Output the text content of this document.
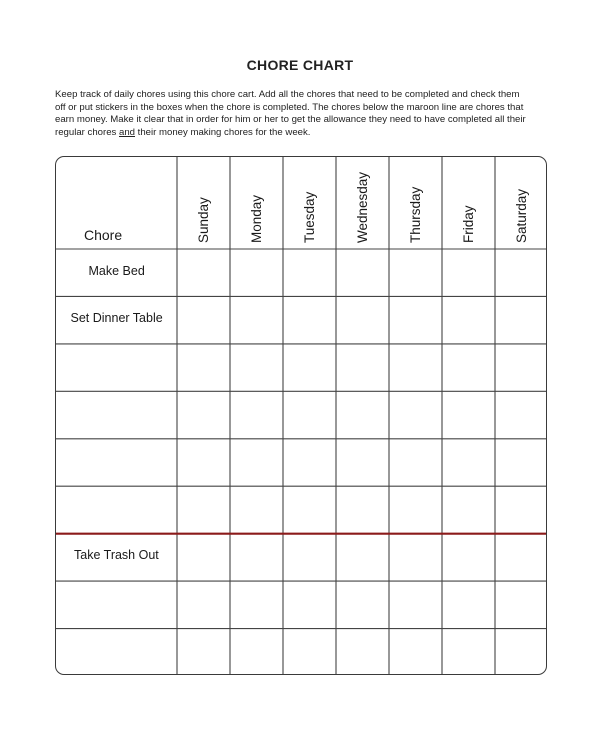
CHORE CHART

Keep track of daily chores using this chore cart. Add all the chores that need to be completed and check them

off or put stickers in the boxes when the chore is completed. The chores below the maroon line are chores that

earn money. Make it clear that in order for him or her to get the allowance they need to have completed all their

regular chores and their money making chores for the week.

Chore	Sunday	Monday	Tuesday	Wednesday	Thursday	Friday	Saturday
Make Bed
Set Dinner Table
Take Trash Out
